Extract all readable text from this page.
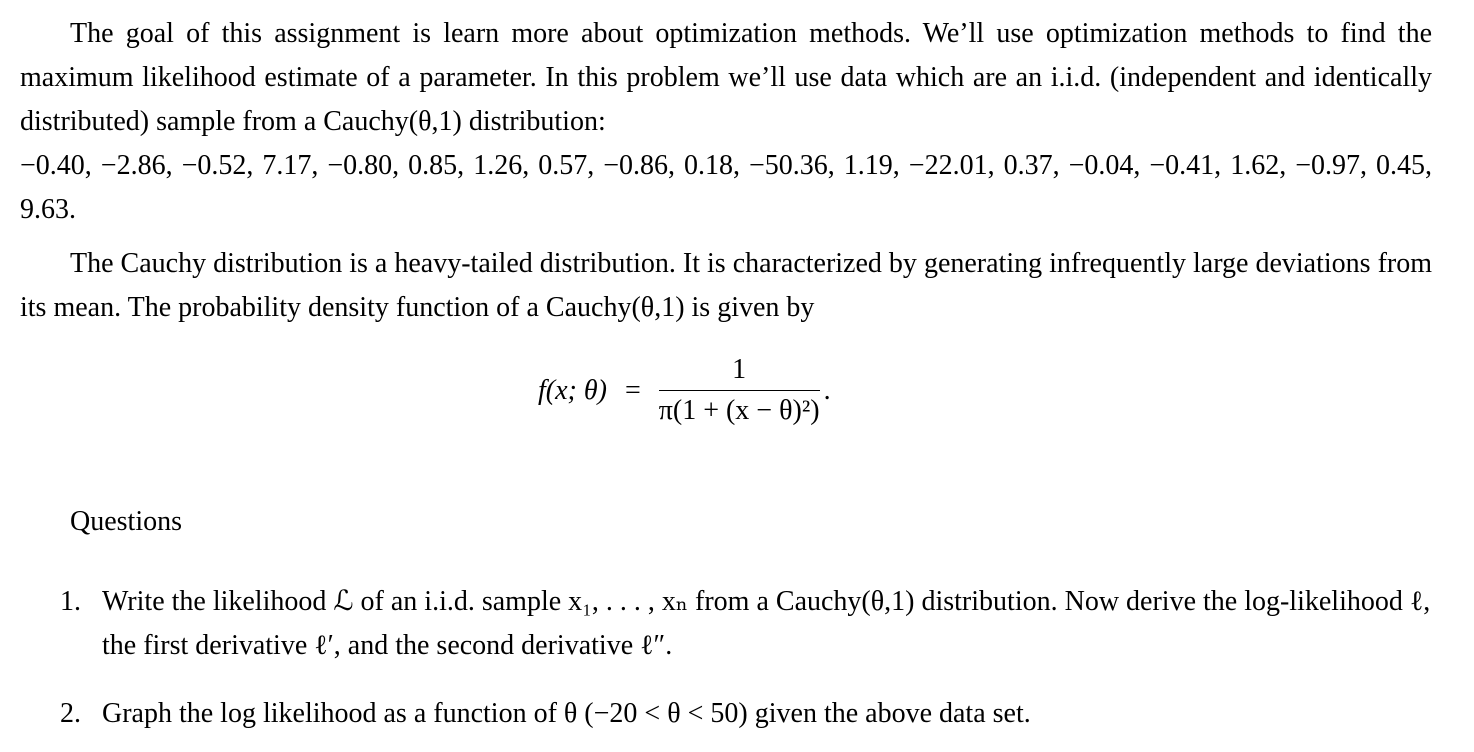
The goal of this assignment is learn more about optimization methods. We’ll use optimization methods to find the maximum likelihood estimate of a parameter. In this problem we’ll use data which are an i.i.d. (independent and identically distributed) sample from a Cauchy(θ,1) distribution:

−0.40, −2.86, −0.52, 7.17, −0.80, 0.85, 1.26, 0.57, −0.86, 0.18, −50.36, 1.19, −22.01, 0.37, −0.04, −0.41, 1.62, −0.97, 0.45, 9.63.

The Cauchy distribution is a heavy-tailed distribution. It is characterized by generating infrequently large deviations from its mean. The probability density function of a Cauchy(θ,1) is given by

f(x; $\theta) = \frac{1}{\text{π(1 + (x − θ)²)}}$ .
Questions
1. Write the likelihood ℒ of an i.i.d. sample x₁, . . . , xₙ from a Cauchy(θ,1) distribution. Now derive the log-likelihood ℓ, the first derivative ℓ′, and the second derivative ℓ″.
2. Graph the log likelihood as a function of θ (−20 < θ < 50) given the above data set.
